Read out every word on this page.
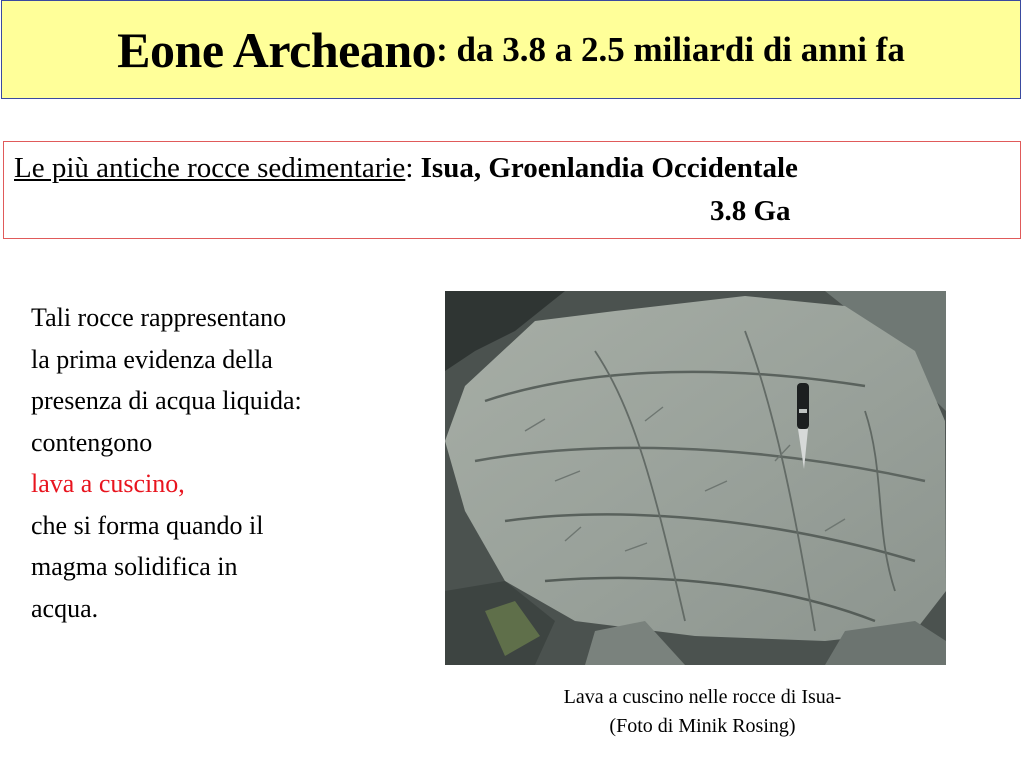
Eone Archeano : da 3.8 a 2.5 miliardi di anni fa
Le più antiche rocce sedimentarie: Isua, Groenlandia Occidentale
3.8 Ga
Tali rocce rappresentano
la prima evidenza della
presenza di acqua liquida:
contengono
lava a cuscino,
che si forma quando il
magma solidifica in
acqua.
Lava a cuscino nelle rocce di Isua-
(Foto di Minik Rosing)
